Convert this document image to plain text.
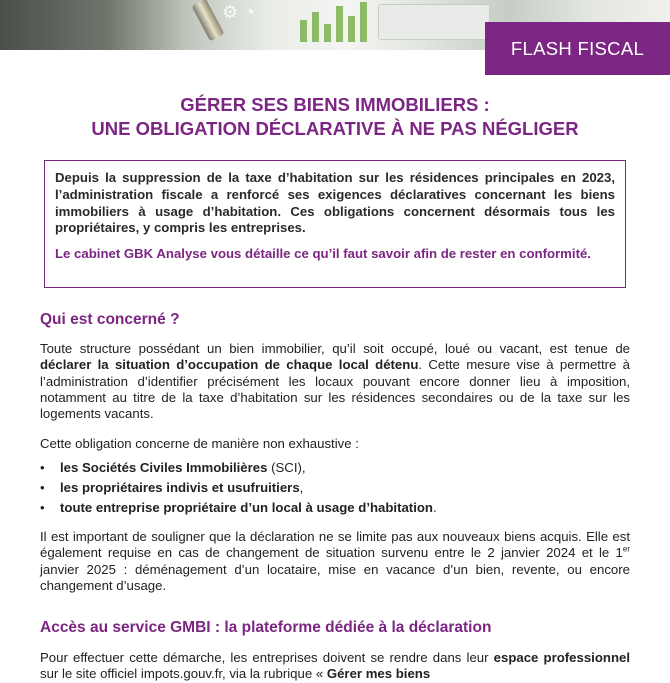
⚙◔
FLASH FISCAL
GÉRER SES BIENS IMMOBILIERS :
UNE OBLIGATION DÉCLARATIVE À NE PAS NÉGLIGER

Depuis la suppression de la taxe d’habitation sur les résidences principales en 2023, l’administration fiscale a renforcé ses exigences déclaratives concernant les biens immobiliers à usage d’habitation. Ces obligations concernent désormais tous les propriétaires, y compris les entreprises.

Le cabinet GBK Analyse vous détaille ce qu’il faut savoir afin de rester en conformité.

Qui est concerné ?

Toute structure possédant un bien immobilier, qu’il soit occupé, loué ou vacant, est tenue de déclarer la situation d’occupation de chaque local détenu. Cette mesure vise à permettre à l’administration d’identifier précisément les locaux pouvant encore donner lieu à imposition, notamment au titre de la taxe d’habitation sur les résidences secondaires ou de la taxe sur les logements vacants.

Cette obligation concerne de manière non exhaustive :
• les Sociétés Civiles Immobilières (SCI),
• les propriétaires indivis et usufruitiers,
• toute entreprise propriétaire d’un local à usage d’habitation.

Il est important de souligner que la déclaration ne se limite pas aux nouveaux biens acquis. Elle est également requise en cas de changement de situation survenu entre le 2 janvier 2024 et le 1er janvier 2025 : déménagement d’un locataire, mise en vacance d’un bien, revente, ou encore changement d’usage.

Accès au service GMBI : la plateforme dédiée à la déclaration

Pour effectuer cette démarche, les entreprises doivent se rendre dans leur espace professionnel sur le site officiel impots.gouv.fr, via la rubrique « Gérer mes biens
